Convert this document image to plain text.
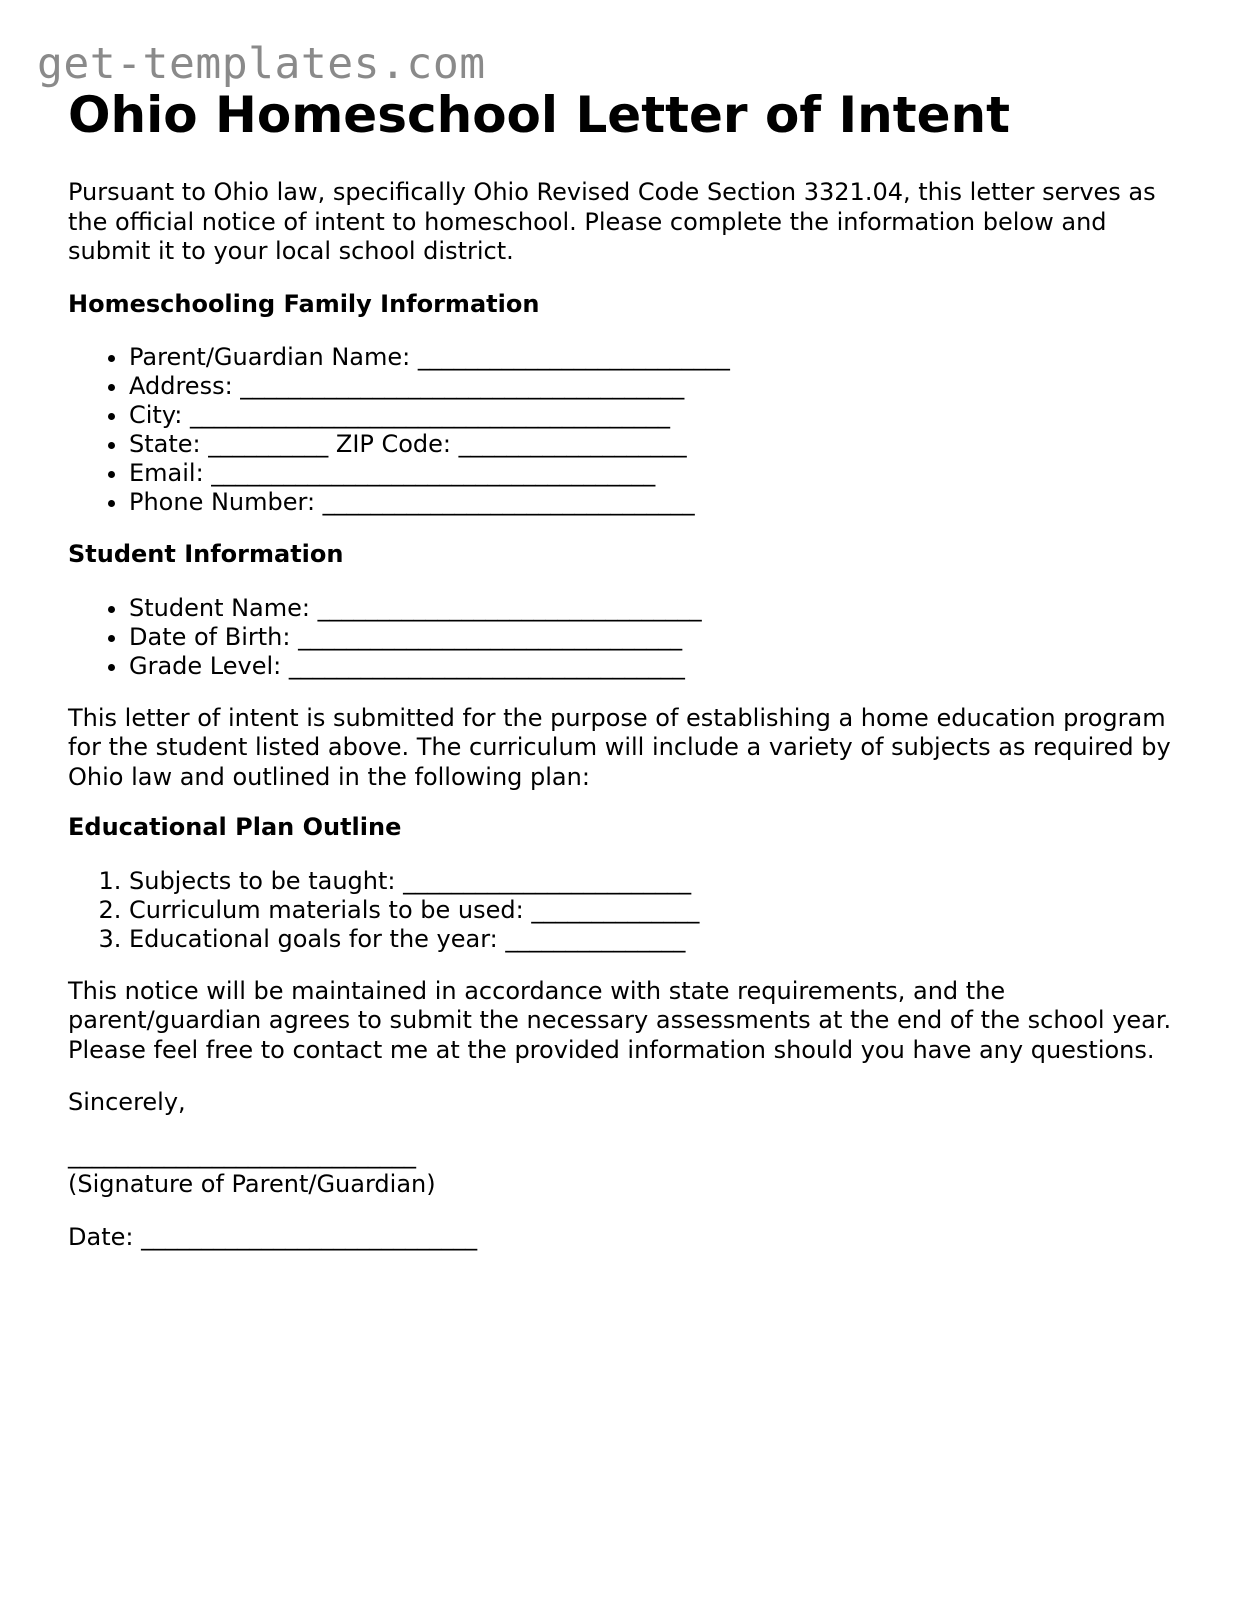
get-templates.com
Ohio Homeschool Letter of Intent

Pursuant to Ohio law, specifically Ohio Revised Code Section 3321.04, this letter serves as the official notice of intent to homeschool. Please complete the information below and submit it to your local school district.

Homeschooling Family Information
• Parent/Guardian Name: __________________________
• Address: _____________________________________
• City: ________________________________________
• State: __________ ZIP Code: ___________________
• Email: _____________________________________
• Phone Number: _______________________________
Student Information
• Student Name: ________________________________
• Date of Birth: ________________________________
• Grade Level: _________________________________

This letter of intent is submitted for the purpose of establishing a home education program for the student listed above. The curriculum will include a variety of subjects as required by Ohio law and outlined in the following plan:

Educational Plan Outline
1. Subjects to be taught: ________________________
2. Curriculum materials to be used: ______________
3. Educational goals for the year: _______________

This notice will be maintained in accordance with state requirements, and the parent/guardian agrees to submit the necessary assessments at the end of the school year. Please feel free to contact me at the provided information should you have any questions.

Sincerely,

_____________________________

(Signature of Parent/Guardian)

Date: ____________________________
